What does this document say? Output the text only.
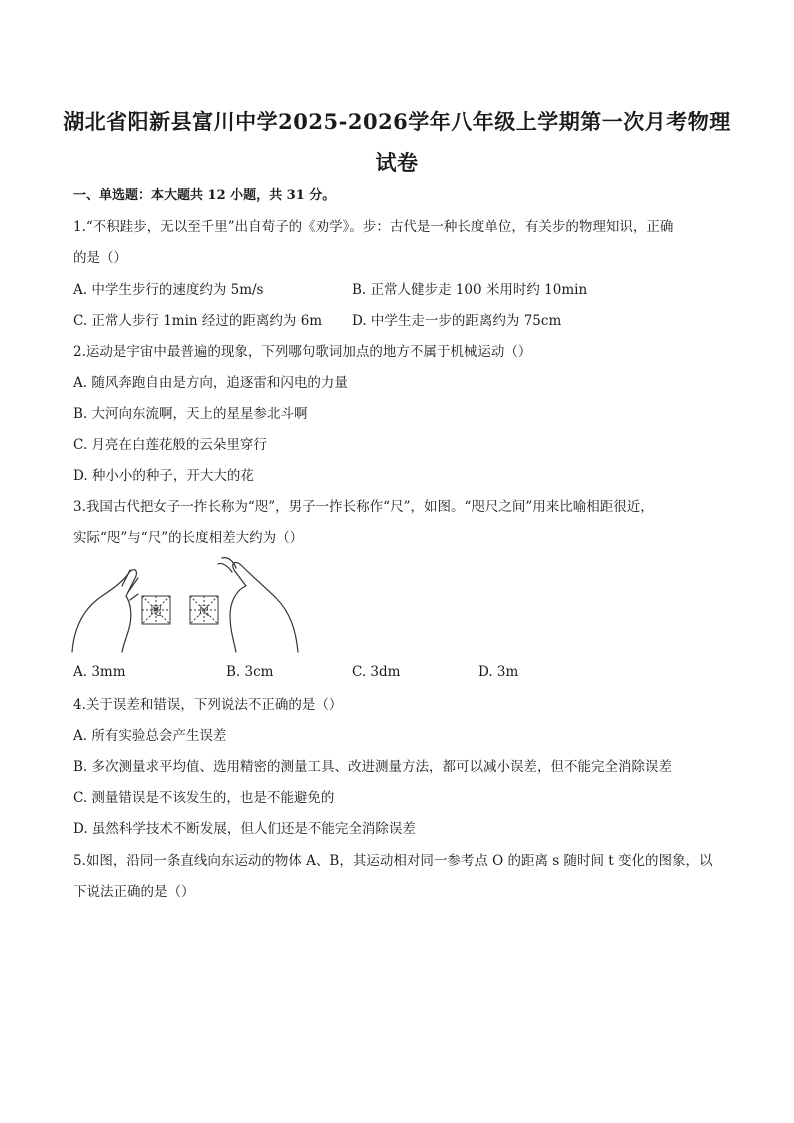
湖北省阳新县富川中学2025-2026学年八年级上学期第一次月考物理
试卷
一、单选题：本大题共 12 小题，共 31 分。
1.“不积跬步，无以至千里”出自荀子的《劝学》。步：古代是一种长度单位，有关步的物理知识，正确
的是（）
A. 中学生步行的速度约为 5m/s	B. 正常人健步走 100 米用时约 10min
C. 正常人步行 1min 经过的距离约为 6m D. 中学生走一步的距离约为 75cm
2.运动是宇宙中最普遍的现象，下列哪句歌词加点的地方不属于机械运动（）
A. 随风奔跑自由是方向，追逐雷和闪电的力量
B. 大河向东流啊，天上的星星参北斗啊
C. 月亮在白莲花般的云朵里穿行
D. 种小小的种子，开大大的花
3.我国古代把女子一拃长称为“咫”，男子一拃长称作“尺”，如图。“咫尺之间”用来比喻相距很近，
实际“咫”与“尺”的长度相差大约为（）
咫	尺
A. 3mm	B. 3cm	C. 3dm	D. 3m
4.关于误差和错误，下列说法不正确的是（）
A. 所有实验总会产生误差
B. 多次测量求平均值、选用精密的测量工具、改进测量方法，都可以减小误差，但不能完全消除误差
C. 测量错误是不该发生的，也是不能避免的
D. 虽然科学技术不断发展，但人们还是不能完全消除误差
5.如图，沿同一条直线向东运动的物体 A、B，其运动相对同一参考点 O 的距离 s 随时间 t 变化的图象，以
下说法正确的是（）
